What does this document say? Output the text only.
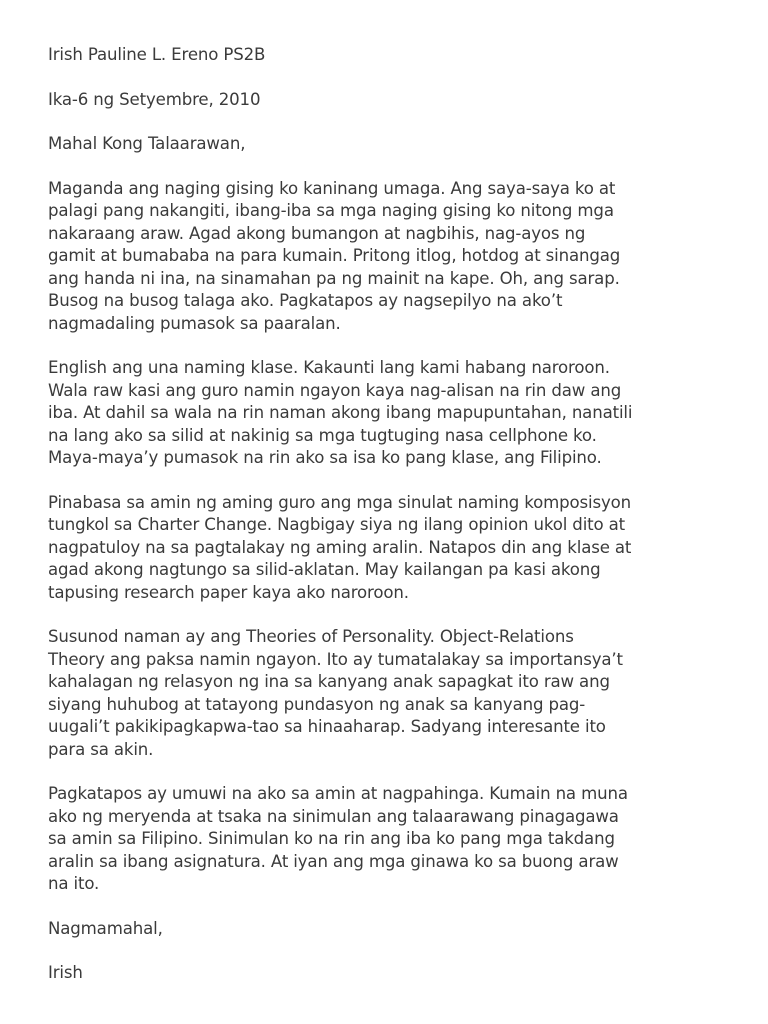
Irish Pauline L. Ereno PS2B
Ika-6 ng Setyembre, 2010
Mahal Kong Talaarawan,
Maganda ang naging gising ko kaninang umaga. Ang saya-saya ko at
palagi pang nakangiti, ibang-iba sa mga naging gising ko nitong mga
nakaraang araw. Agad akong bumangon at nagbihis, nag-ayos ng
gamit at bumababa na para kumain. Pritong itlog, hotdog at sinangag
ang handa ni ina, na sinamahan pa ng mainit na kape. Oh, ang sarap.
Busog na busog talaga ako. Pagkatapos ay nagsepilyo na ako’t
nagmadaling pumasok sa paaralan.
English ang una naming klase. Kakaunti lang kami habang naroroon.
Wala raw kasi ang guro namin ngayon kaya nag-alisan na rin daw ang
iba. At dahil sa wala na rin naman akong ibang mapupuntahan, nanatili
na lang ako sa silid at nakinig sa mga tugtuging nasa cellphone ko.
Maya-maya’y pumasok na rin ako sa isa ko pang klase, ang Filipino.
Pinabasa sa amin ng aming guro ang mga sinulat naming komposisyon
tungkol sa Charter Change. Nagbigay siya ng ilang opinion ukol dito at
nagpatuloy na sa pagtalakay ng aming aralin. Natapos din ang klase at
agad akong nagtungo sa silid-aklatan. May kailangan pa kasi akong
tapusing research paper kaya ako naroroon.
Susunod naman ay ang Theories of Personality. Object-Relations
Theory ang paksa namin ngayon. Ito ay tumatalakay sa importansya’t
kahalagan ng relasyon ng ina sa kanyang anak sapagkat ito raw ang
siyang huhubog at tatayong pundasyon ng anak sa kanyang pag-
uugali’t pakikipagkapwa-tao sa hinaaharap. Sadyang interesante ito
para sa akin.
Pagkatapos ay umuwi na ako sa amin at nagpahinga. Kumain na muna
ako ng meryenda at tsaka na sinimulan ang talaarawang pinagagawa
sa amin sa Filipino. Sinimulan ko na rin ang iba ko pang mga takdang
aralin sa ibang asignatura. At iyan ang mga ginawa ko sa buong araw
na ito.
Nagmamahal,
Irish
